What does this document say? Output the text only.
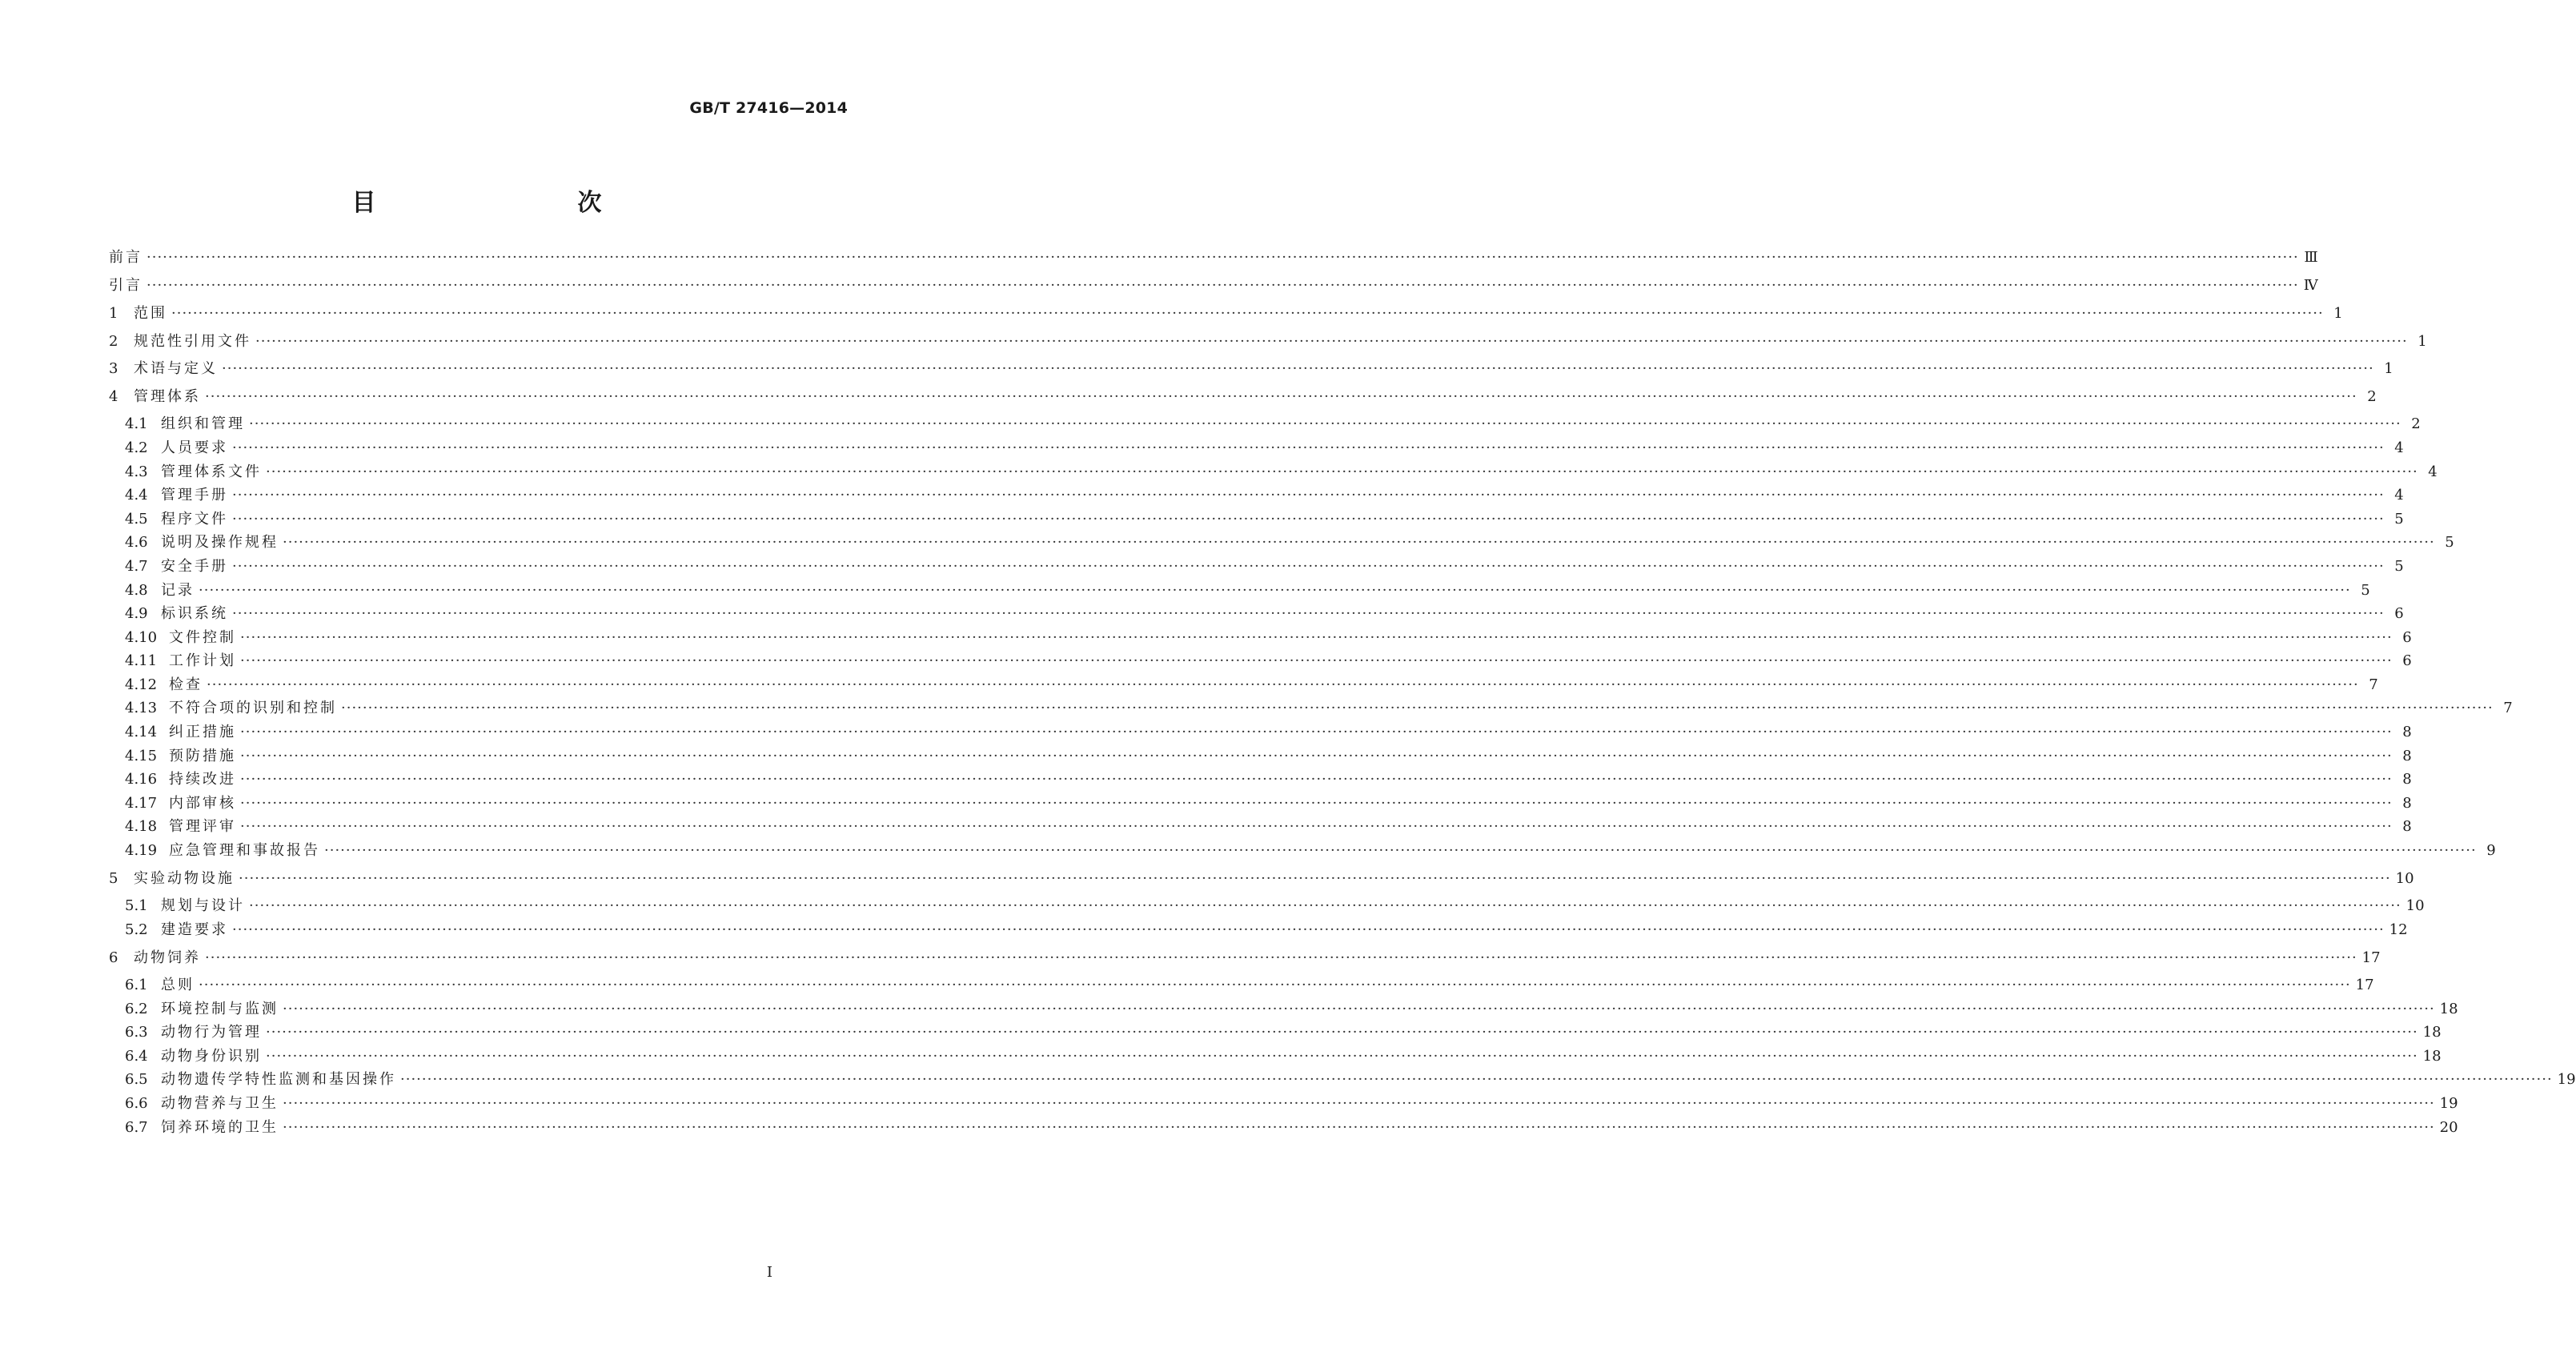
GB/T 27416—2014
目　　次
前言 ················································································································································································································································································································································································································ Ⅲ
引言 ················································································································································································································································································································································································································ Ⅳ
1	范围 ················································································································································································································································································································································································································ 1
2	规范性引用文件 ················································································································································································································································································································································································································ 1
3	术语与定义 ················································································································································································································································································································································································································ 1
4	管理体系 ················································································································································································································································································································································································································ 2
4.1 组织和管理 ················································································································································································································································································································································································································ 2
4.2 人员要求 ················································································································································································································································································································································································································ 4
4.3 管理体系文件 ················································································································································································································································································································································································································ 4
4.4 管理手册 ················································································································································································································································································································································································································ 4
4.5 程序文件 ················································································································································································································································································································································································································ 5
4.6 说明及操作规程 ················································································································································································································································································································································································································ 5
4.7 安全手册 ················································································································································································································································································································································································································ 5
4.8 记录 ················································································································································································································································································································································································································ 5
4.9 标识系统 ················································································································································································································································································································································································································ 6
4.10 文件控制 ················································································································································································································································································································································································································ 6
4.11 工作计划 ················································································································································································································································································································································································································ 6
4.12 检查 ················································································································································································································································································································································································································ 7
4.13 不符合项的识别和控制 ················································································································································································································································································································································································································ 7
4.14 纠正措施 ················································································································································································································································································································································································································ 8
4.15 预防措施 ················································································································································································································································································································································································································ 8
4.16 持续改进 ················································································································································································································································································································································································································ 8
4.17 内部审核 ················································································································································································································································································································································································································ 8
4.18 管理评审 ················································································································································································································································································································································································································ 8
4.19 应急管理和事故报告 ················································································································································································································································································································································································································ 9
5	实验动物设施 ················································································································································································································································································································································································································ 10
5.1 规划与设计 ················································································································································································································································································································································································································ 10
5.2 建造要求 ················································································································································································································································································································································································································ 12
6	动物饲养 ················································································································································································································································································································································································································ 17
6.1 总则 ················································································································································································································································································································································································································ 17
6.2 环境控制与监测 ················································································································································································································································································································································································································ 18
6.3 动物行为管理 ················································································································································································································································································································································································································ 18
6.4 动物身份识别 ················································································································································································································································································································································································································ 18
6.5 动物遗传学特性监测和基因操作 ················································································································································································································································································································································································································ 19
6.6 动物营养与卫生 ················································································································································································································································································································································································································ 19
6.7 饲养环境的卫生 ················································································································································································································································································································································································································ 20
Ⅰ
